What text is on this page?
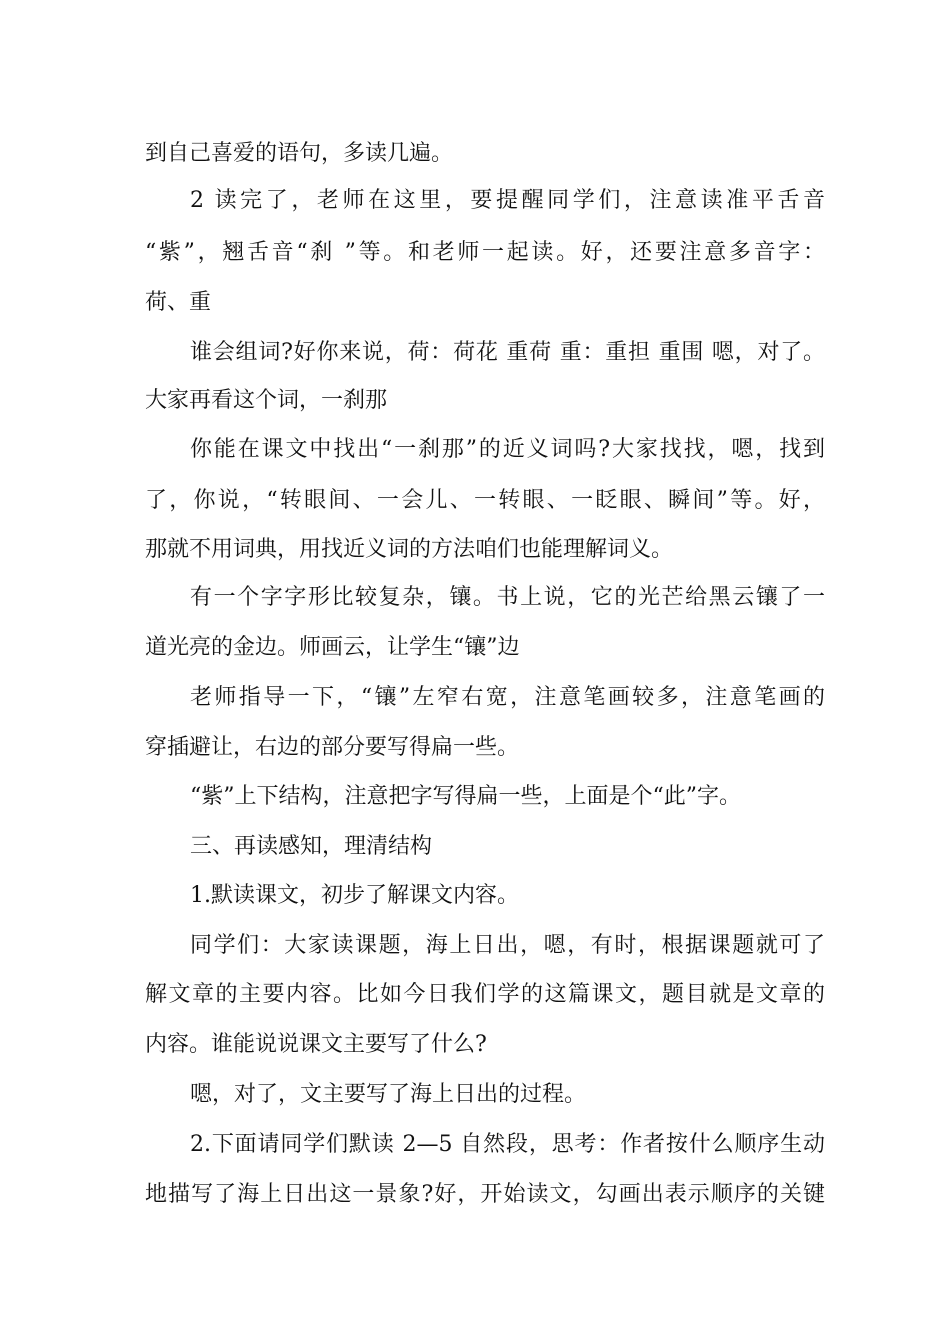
到自己喜爱的语句，多读几遍。
2 读完了，老师在这里，要提醒同学们，注意读准平舌音
“紫”，翘舌音“刹 ”等。和老师一起读。好，还要注意多音字：
荷、重
谁会组词?好你来说，荷：荷花 重荷 重：重担 重围 嗯，对了。
大家再看这个词，一刹那
你能在课文中找出“一刹那”的近义词吗?大家找找，嗯，找到
了，你说，“转眼间、一会儿、一转眼、一眨眼、瞬间”等。好，
那就不用词典，用找近义词的方法咱们也能理解词义。
有一个字字形比较复杂，镶。书上说，它的光芒给黑云镶了一
道光亮的金边。师画云，让学生“镶”边
老师指导一下，“镶”左窄右宽，注意笔画较多，注意笔画的
穿插避让，右边的部分要写得扁一些。
“紫”上下结构，注意把字写得扁一些，上面是个“此”字。
三、再读感知，理清结构
1.默读课文，初步了解课文内容。
同学们：大家读课题，海上日出，嗯，有时，根据课题就可了
解文章的主要内容。比如今日我们学的这篇课文，题目就是文章的
内容。谁能说说课文主要写了什么?
嗯，对了，文主要写了海上日出的过程。
2.下面请同学们默读 2—5 自然段，思考：作者按什么顺序生动
地描写了海上日出这一景象?好，开始读文，勾画出表示顺序的关键
